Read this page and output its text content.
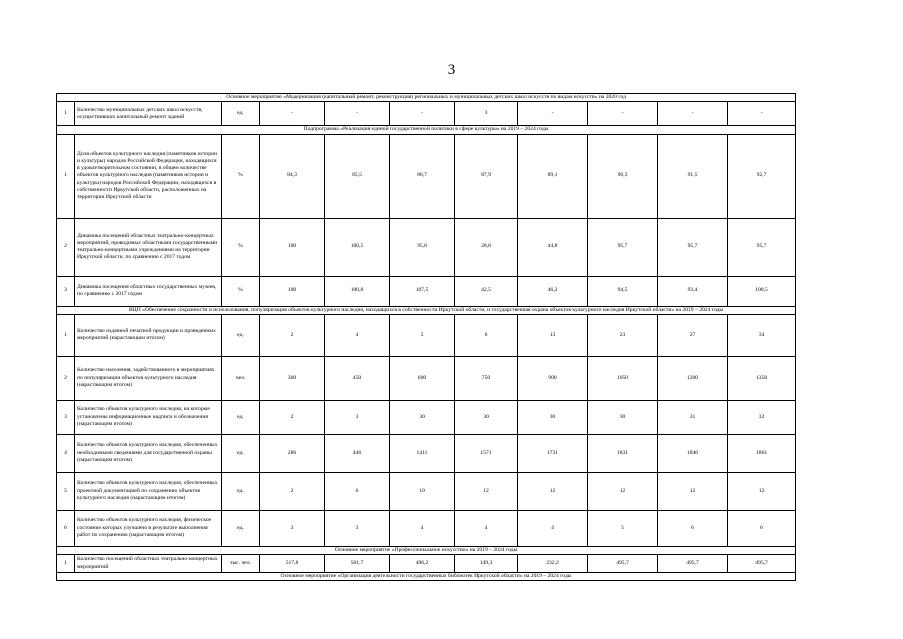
3
Основное мероприятие «Модернизация (капитальный ремонт, реконструкция) региональных и муниципальных детских школ искусств по видам искусств» на 2020 год										
1	Количество муниципальных детских школ искусств, осуществивших капитальный ремонт зданий	ед.	-	-	-	3	-	-	-	-
Подпрограмма «Реализация единой государственной политики в сфере культуры» на 2019 – 2024 годы										
1	Доля объектов культурного наследия (памятников истории и культуры) народов Российской Федерации, находящихся в удовлетворительном состоянии, в общем количестве объектов культурного наследия (памятников истории и культуры) народов Российской Федерации, находящихся в собственности Иркутской области, расположенных на территории Иркутской области	%	84,3	85,5	86,7	87,9	89,1	90,3	91,5	92,7
2	Динамика посещений областных театрально-концертных мероприятий, проводимых областными государственными театрально-концертными учреждениями на территории Иркутской области, по сравнению с 2017 годом	%	100	100,5	95,8	28,8	44,8	95,7	95,7	95,7
3	Динамика посещения областных государственных музеев, по сравнению с 2017 годом	%	100	100,8	107,5	42,5	46,2	94,5	93,4	108,5
ВЦП «Обеспечение сохранности и использования, популяризация объектов культурного наследия, находящихся в собственности Иркутской области, и государственная охрана объектов культурного наследия Иркутской области» на 2019 – 2024 годы										
1	Количество изданной печатной продукции и проведенных мероприятий (нарастающим итогом)	ед.	2	4	5	6	13	23	27	34
2	Количество населения, задействованного в мероприятиях по популяризации объектов культурного наследия (нарастающим итогом)	чел.	300	450	600	750	900	1050	1200	1350
3	Количество объектов культурного наследия, на которые установлены информационные надписи и обозначения (нарастающим итогом)	ед.	2	3	30	30	30	30	31	32
4	Количество объектов культурного наследия, обеспеченных необходимыми сведениями для государственной охраны (нарастающим итогом)	ед.	286	446	1411	1571	1731	1831	1846	1861
5	Количество объектов культурного наследия, обеспеченных проектной документацией по сохранению объектов культурного наследия (нарастающим итогом)	ед.	2	6	10	12	12	12	12	12
6	Количество объектов культурного наследия, физическое состояние которых улучшено в результате выполнения работ по сохранению (нарастающим итогом)	ед.	3	3	4	4	4	5	6	6
Основное мероприятие «Профессиональное искусство» на 2019 – 2024 годы										
1	Количество посещений областных театрально-концертных мероприятий	тыс. чел.	517,8	501,7	496,2	149,3	232,2	495,7	495,7	495,7
Основное мероприятие «Организация деятельности государственных библиотек Иркутской области» на 2019 – 2024 годы										
